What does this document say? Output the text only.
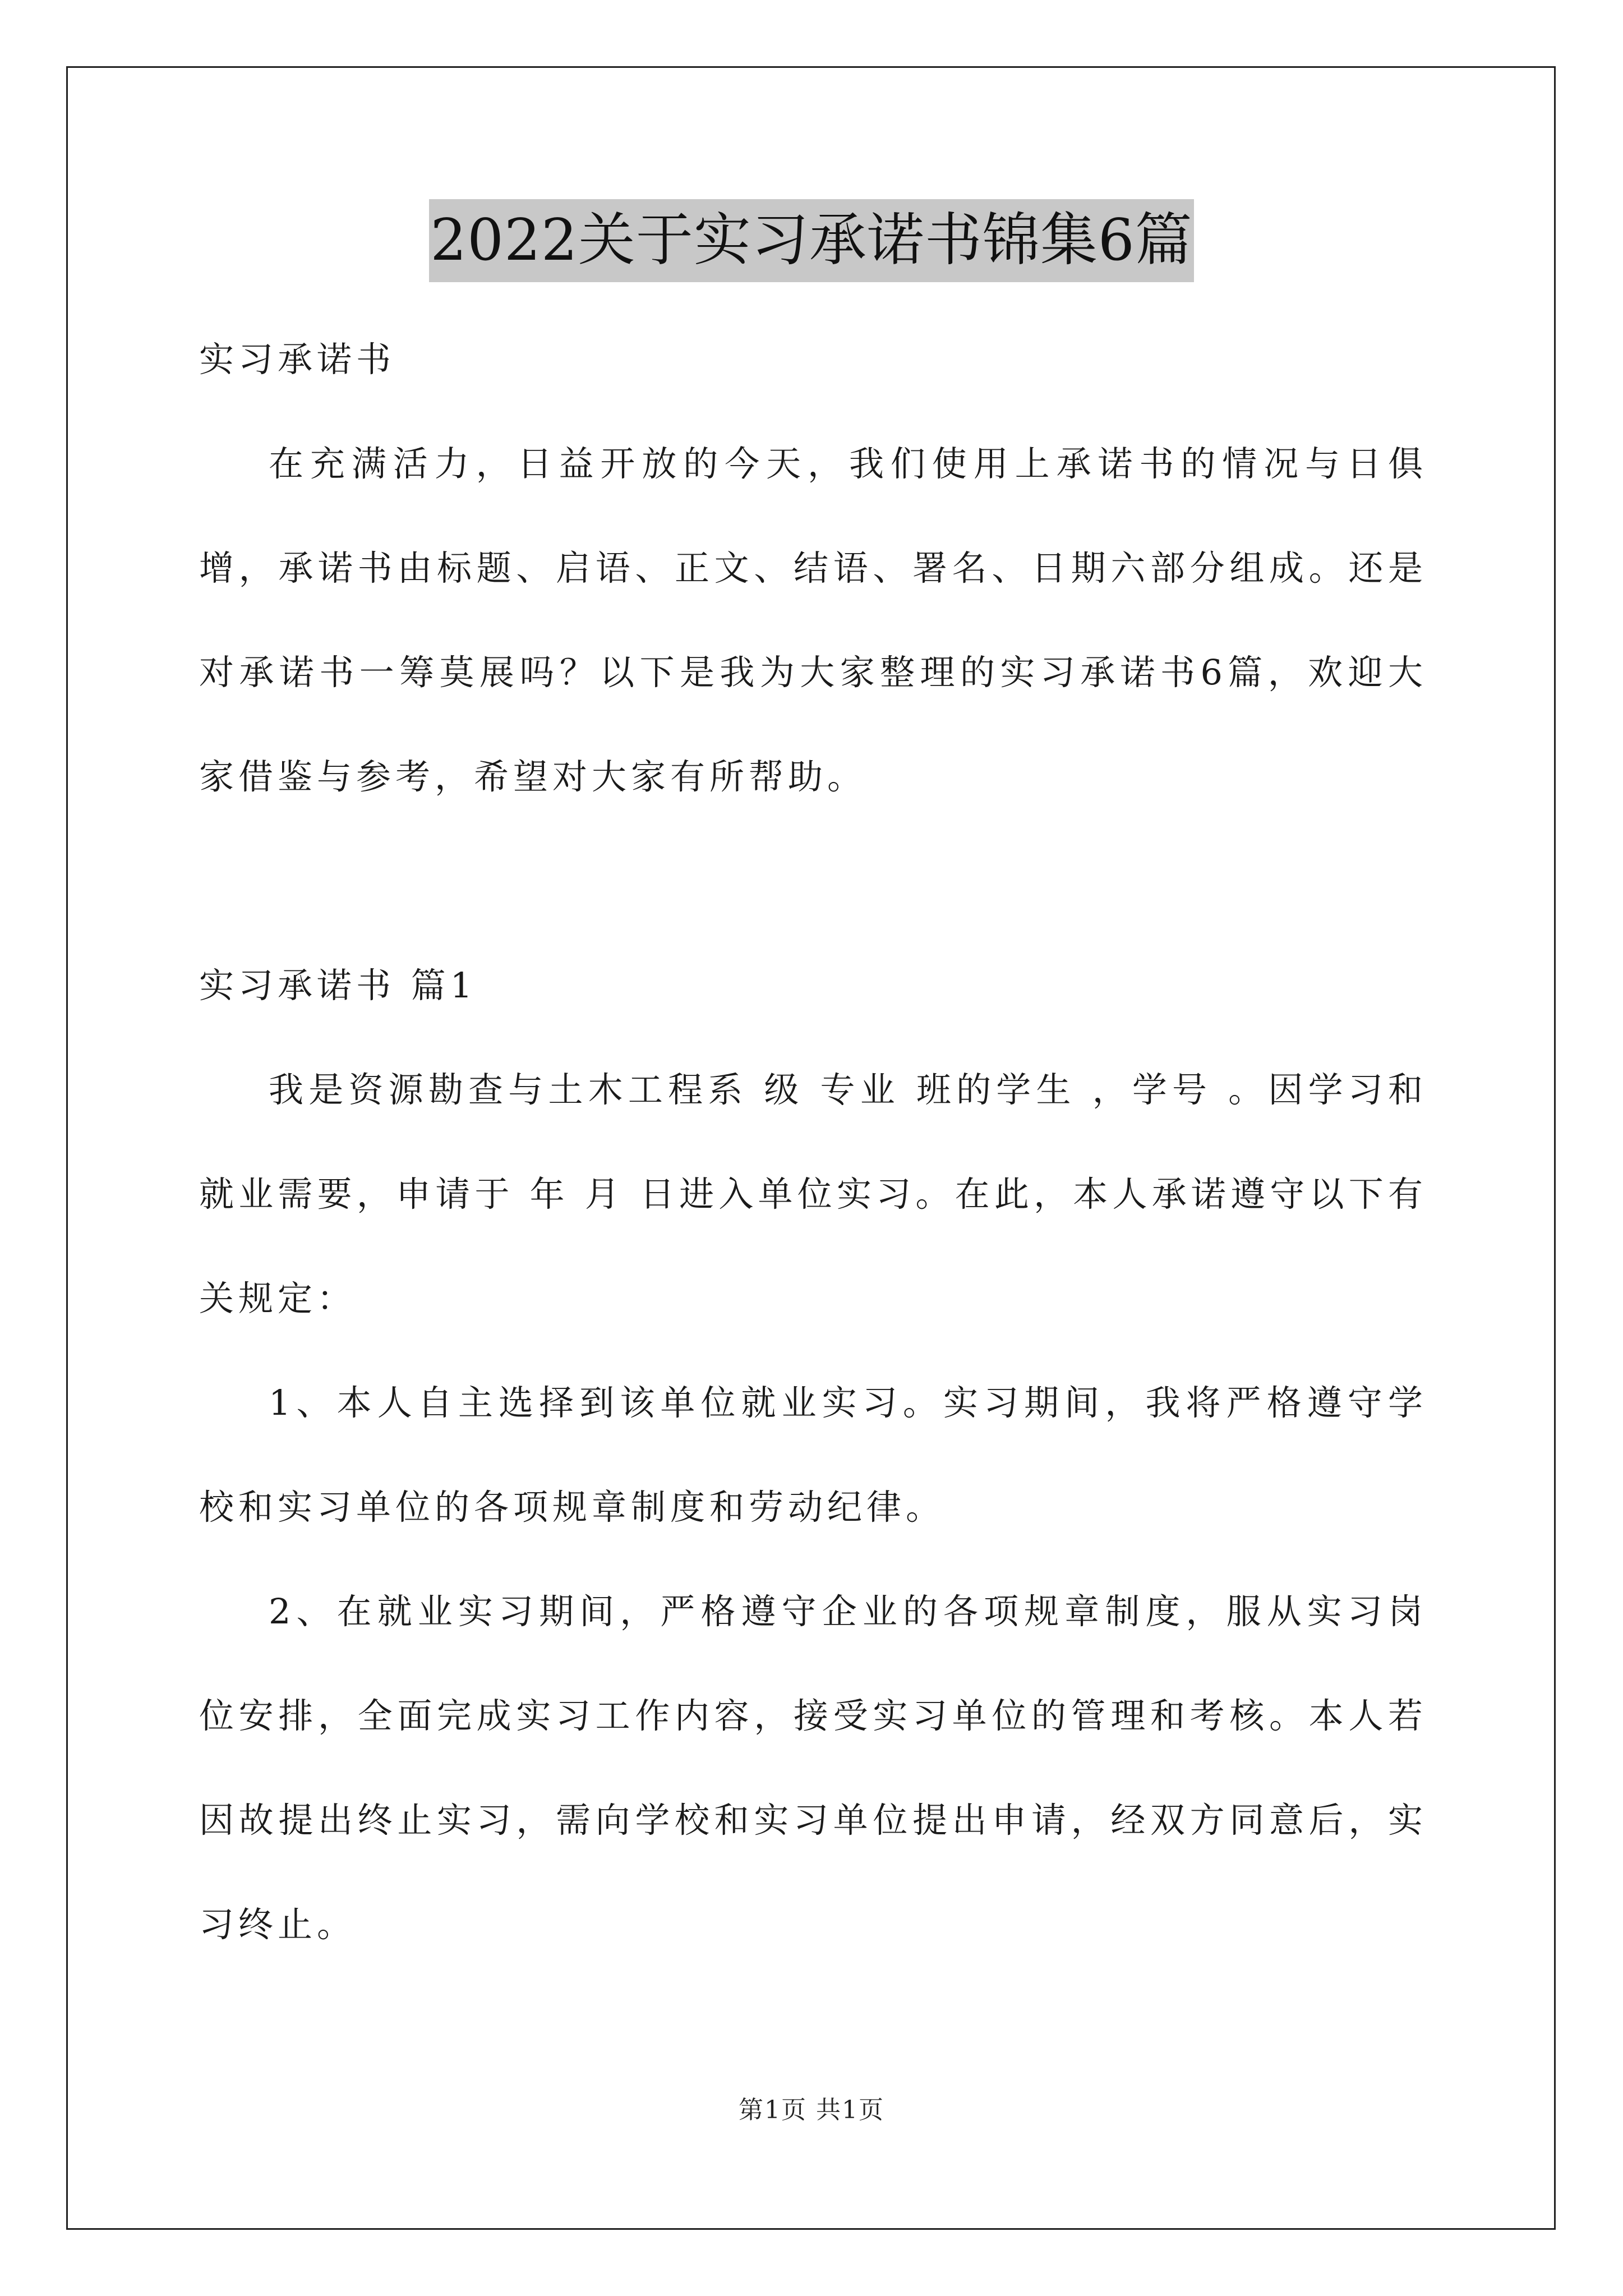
2022关于实习承诺书锦集6篇

实习承诺书

在充满活力，日益开放的今天，我们使用上承诺书的情况与日俱增，承诺书由标题、启语、正文、结语、署名、日期六部分组成。还是对承诺书一筹莫展吗？以下是我为大家整理的实习承诺书6篇，欢迎大家借鉴与参考，希望对大家有所帮助。

实习承诺书 篇1

我是资源勘查与土木工程系 级 专业 班的学生 ，学号 。因学习和就业需要，申请于 年 月 日进入单位实习。在此，本人承诺遵守以下有关规定：

1、本人自主选择到该单位就业实习。实习期间，我将严格遵守学校和实习单位的各项规章制度和劳动纪律。

2、在就业实习期间，严格遵守企业的各项规章制度，服从实习岗位安排，全面完成实习工作内容，接受实习单位的管理和考核。本人若因故提出终止实习，需向学校和实习单位提出申请，经双方同意后，实习终止。

第1页 共1页
